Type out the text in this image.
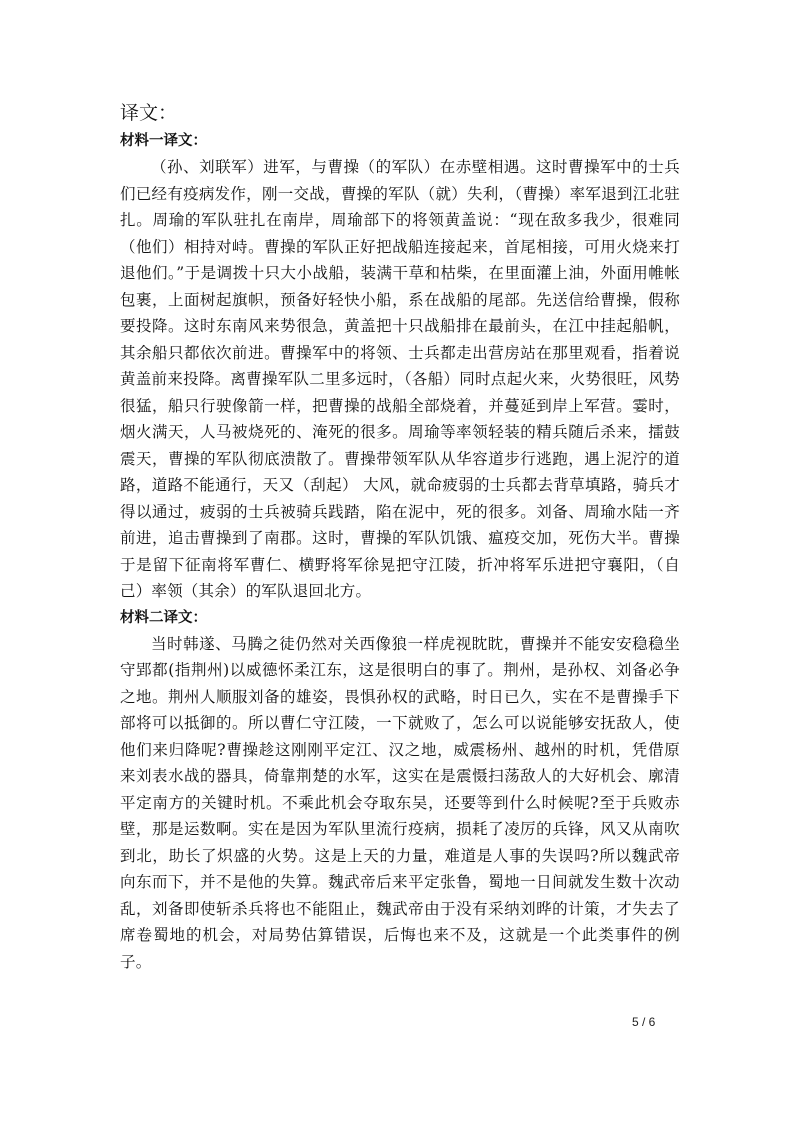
译文：
材料一译文：

（孙、刘联军）进军，与曹操（的军队）在赤壁相遇。这时曹操军中的士兵们已经有疫病发作，刚一交战，曹操的军队（就）失利，（曹操）率军退到江北驻扎。周瑜的军队驻扎在南岸，周瑜部下的将领黄盖说：“现在敌多我少，很难同（他们）相持对峙。曹操的军队正好把战船连接起来，首尾相接，可用火烧来打退他们。”于是调拨十只大小战船，装满干草和枯柴，在里面灌上油，外面用帷帐包裹，上面树起旗帜，预备好轻快小船，系在战船的尾部。先送信给曹操，假称要投降。这时东南风来势很急，黄盖把十只战船排在最前头，在江中挂起船帆，其余船只都依次前进。曹操军中的将领、士兵都走出营房站在那里观看，指着说黄盖前来投降。离曹操军队二里多远时，（各船）同时点起火来，火势很旺，风势很猛，船只行驶像箭一样，把曹操的战船全部烧着，并蔓延到岸上军营。霎时，烟火满天，人马被烧死的、淹死的很多。周瑜等率领轻装的精兵随后杀来，擂鼓震天，曹操的军队彻底溃散了。曹操带领军队从华容道步行逃跑，遇上泥泞的道路，道路不能通行，天又（刮起） 大风，就命疲弱的士兵都去背草填路，骑兵才得以通过，疲弱的士兵被骑兵践踏，陷在泥中，死的很多。刘备、周瑜水陆一齐前进，追击曹操到了南郡。这时，曹操的军队饥饿、瘟疫交加，死伤大半。曹操于是留下征南将军曹仁、横野将军徐晃把守江陵，折冲将军乐进把守襄阳，（自己）率领（其余）的军队退回北方。

材料二译文：

当时韩遂、马腾之徒仍然对关西像狼一样虎视眈眈，曹操并不能安安稳稳坐守郢都(指荆州)以威德怀柔江东，这是很明白的事了。荆州，是孙权、刘备必争之地。荆州人顺服刘备的雄姿，畏惧孙权的武略，时日已久，实在不是曹操手下部将可以抵御的。所以曹仁守江陵，一下就败了，怎么可以说能够安抚敌人，使他们来归降呢?曹操趁这刚刚平定江、汉之地，威震杨州、越州的时机，凭借原来刘表水战的器具，倚靠荆楚的水军，这实在是震慑扫荡敌人的大好机会、廓清平定南方的关键时机。不乘此机会夺取东吴，还要等到什么时候呢?至于兵败赤壁，那是运数啊。实在是因为军队里流行疫病，损耗了凌厉的兵锋，风又从南吹到北，助长了炽盛的火势。这是上天的力量，难道是人事的失误吗?所以魏武帝向东而下，并不是他的失算。魏武帝后来平定张鲁，蜀地一日间就发生数十次动乱，刘备即使斩杀兵将也不能阻止，魏武帝由于没有采纳刘晔的计策，才失去了席卷蜀地的机会，对局势估算错误，后悔也来不及，这就是一个此类事件的例子。

5 / 6
